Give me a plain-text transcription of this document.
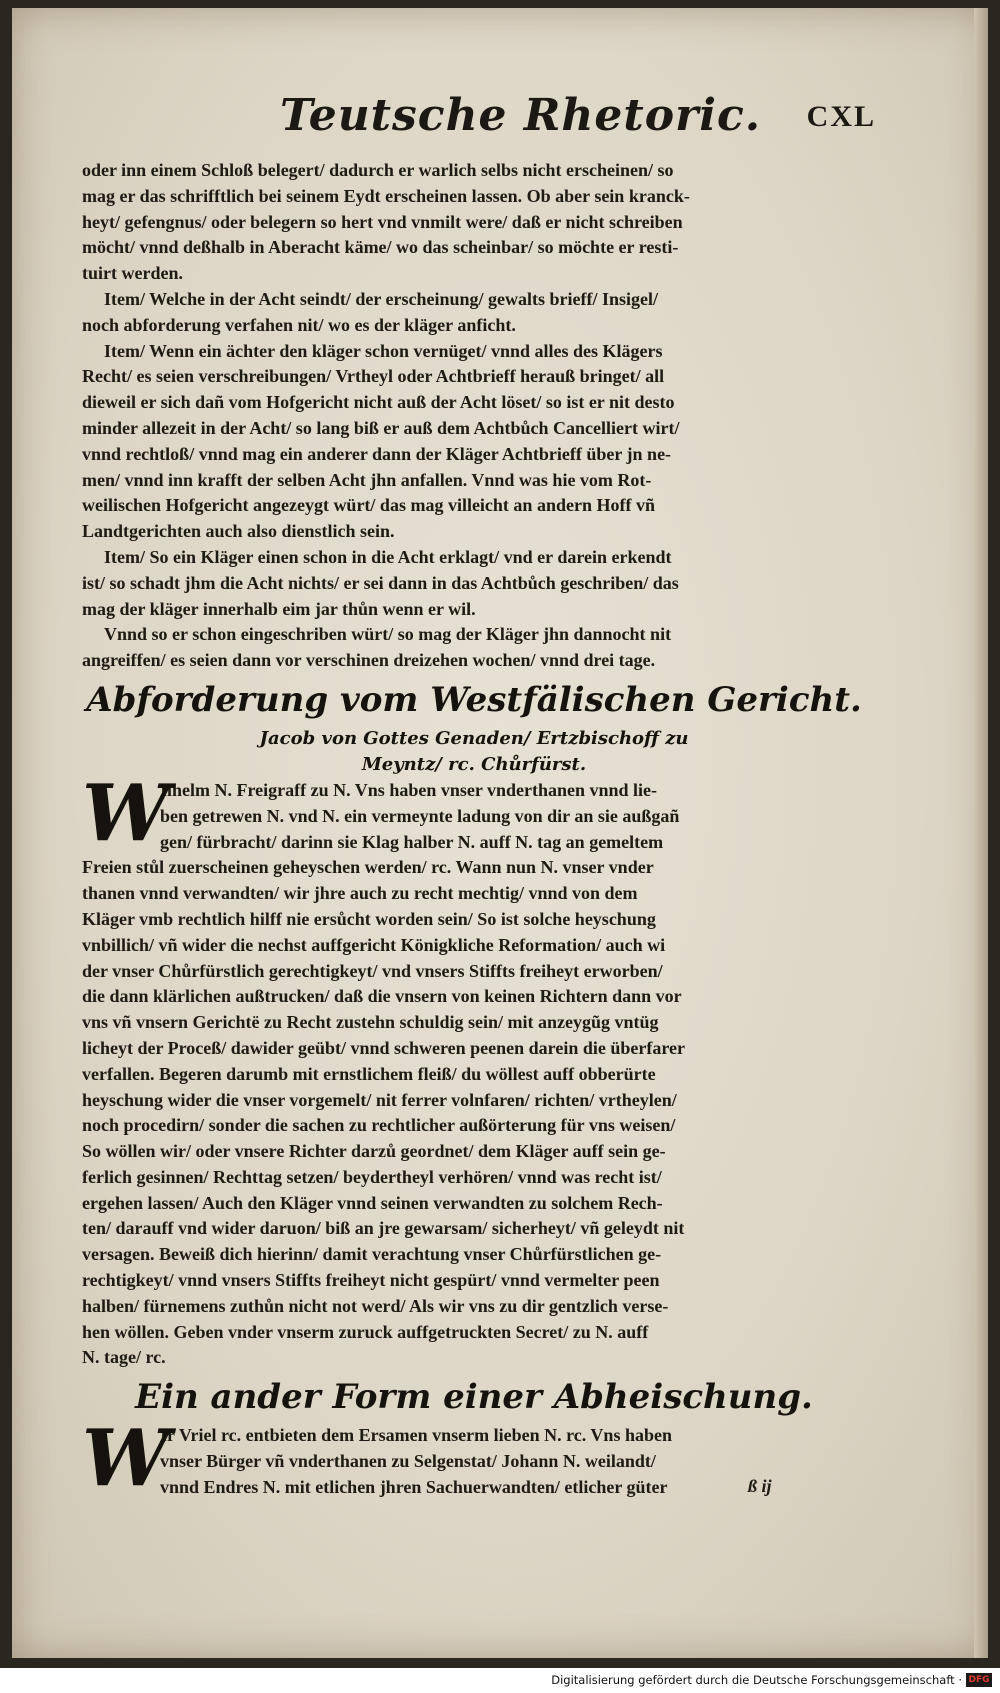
Teutsche Rhetoric. CXL
oder inn einem Schloß belegert/ dadurch er warlich selbs nicht erscheinen/ so
mag er das schrifftlich bei seinem Eydt erscheinen lassen. Ob aber sein kranck-
heyt/ gefengnus/ oder belegern so hert vnd vnmilt were/ daß er nicht schreiben
möcht/ vnnd deßhalb in Aberacht käme/ wo das scheinbar/ so möchte er resti-
tuirt werden.
Item/ Welche in der Acht seindt/ der erscheinung/ gewalts brieff/ Insigel/
noch abforderung verfahen nit/ wo es der kläger anficht.
Item/ Wenn ein ächter den kläger schon vernüget/ vnnd alles des Klägers
Recht/ es seien verschreibungen/ Vrtheyl oder Achtbrieff herauß bringet/ all
dieweil er sich dañ vom Hofgericht nicht auß der Acht löset/ so ist er nit desto
minder allezeit in der Acht/ so lang biß er auß dem Achtbůch Cancelliert wirt/
vnnd rechtloß/ vnnd mag ein anderer dann der Kläger Achtbrieff über jn ne-
men/ vnnd inn krafft der selben Acht jhn anfallen. Vnnd was hie vom Rot-
weilischen Hofgericht angezeygt würt/ das mag villeicht an andern Hoff vñ
Landtgerichten auch also dienstlich sein.
Item/ So ein Kläger einen schon in die Acht erklagt/ vnd er darein erkendt
ist/ so schadt jhm die Acht nichts/ er sei dann in das Achtbůch geschriben/ das
mag der kläger innerhalb eim jar thůn wenn er wil.
Vnnd so er schon eingeschriben würt/ so mag der Kläger jhn dannocht nit
angreiffen/ es seien dann vor verschinen dreizehen wochen/ vnnd drei tage.
Abforderung vom Westfälischen Gericht.
Jacob von Gottes Genaden/ Ertzbischoff zu
Meyntz/ rc. Chůrfürst.
W
Ilhelm N. Freigraff zu N. Vns haben vnser vnderthanen vnnd lie-
ben getrewen N. vnd N. ein vermeynte ladung von dir an sie außgañ
gen/ fürbracht/ darinn sie Klag halber N. auff N. tag an gemeltem
Freien stůl zuerscheinen geheyschen werden/ rc. Wann nun N. vnser vnder
thanen vnnd verwandten/ wir jhre auch zu recht mechtig/ vnnd von dem
Kläger vmb rechtlich hilff nie ersůcht worden sein/ So ist solche heyschung
vnbillich/ vñ wider die nechst auffgericht Königkliche Reformation/ auch wi
der vnser Chůrfürstlich gerechtigkeyt/ vnd vnsers Stiffts freiheyt erworben/
die dann klärlichen außtrucken/ daß die vnsern von keinen Richtern dann vor
vns vñ vnsern Gerichtë zu Recht zustehn schuldig sein/ mit anzeygũg vntüg
licheyt der Proceß/ dawider geübt/ vnnd schweren peenen darein die überfarer
verfallen. Begeren darumb mit ernstlichem fleiß/ du wöllest auff obberürte
heyschung wider die vnser vorgemelt/ nit ferrer volnfaren/ richten/ vrtheylen/
noch procedirn/ sonder die sachen zu rechtlicher außörterung für vns weisen/
So wöllen wir/ oder vnsere Richter darzů geordnet/ dem Kläger auff sein ge-
ferlich gesinnen/ Rechttag setzen/ beydertheyl verhören/ vnnd was recht ist/
ergehen lassen/ Auch den Kläger vnnd seinen verwandten zu solchem Rech-
ten/ darauff vnd wider daruon/ biß an jre gewarsam/ sicherheyt/ vñ geleydt nit
versagen. Beweiß dich hierinn/ damit verachtung vnser Chůrfürstlichen ge-
rechtigkeyt/ vnnd vnsers Stiffts freiheyt nicht gespürt/ vnnd vermelter peen
halben/ fürnemens zuthůn nicht not werd/ Als wir vns zu dir gentzlich verse-
hen wöllen. Geben vnder vnserm zuruck auffgetruckten Secret/ zu N. auff
N. tage/ rc.
Ein ander Form einer Abheischung.
W
Ir Vriel rc. entbieten dem Ersamen vnserm lieben N. rc. Vns haben
vnser Bürger vñ vnderthanen zu Selgenstat/ Johann N. weilandt/
vnnd Endres N. mit etlichen jhren Sachuerwandten/ etlicher güter	ß ij
Digitalisierung gefördert durch die Deutsche Forschungsgemeinschaft · DFG
